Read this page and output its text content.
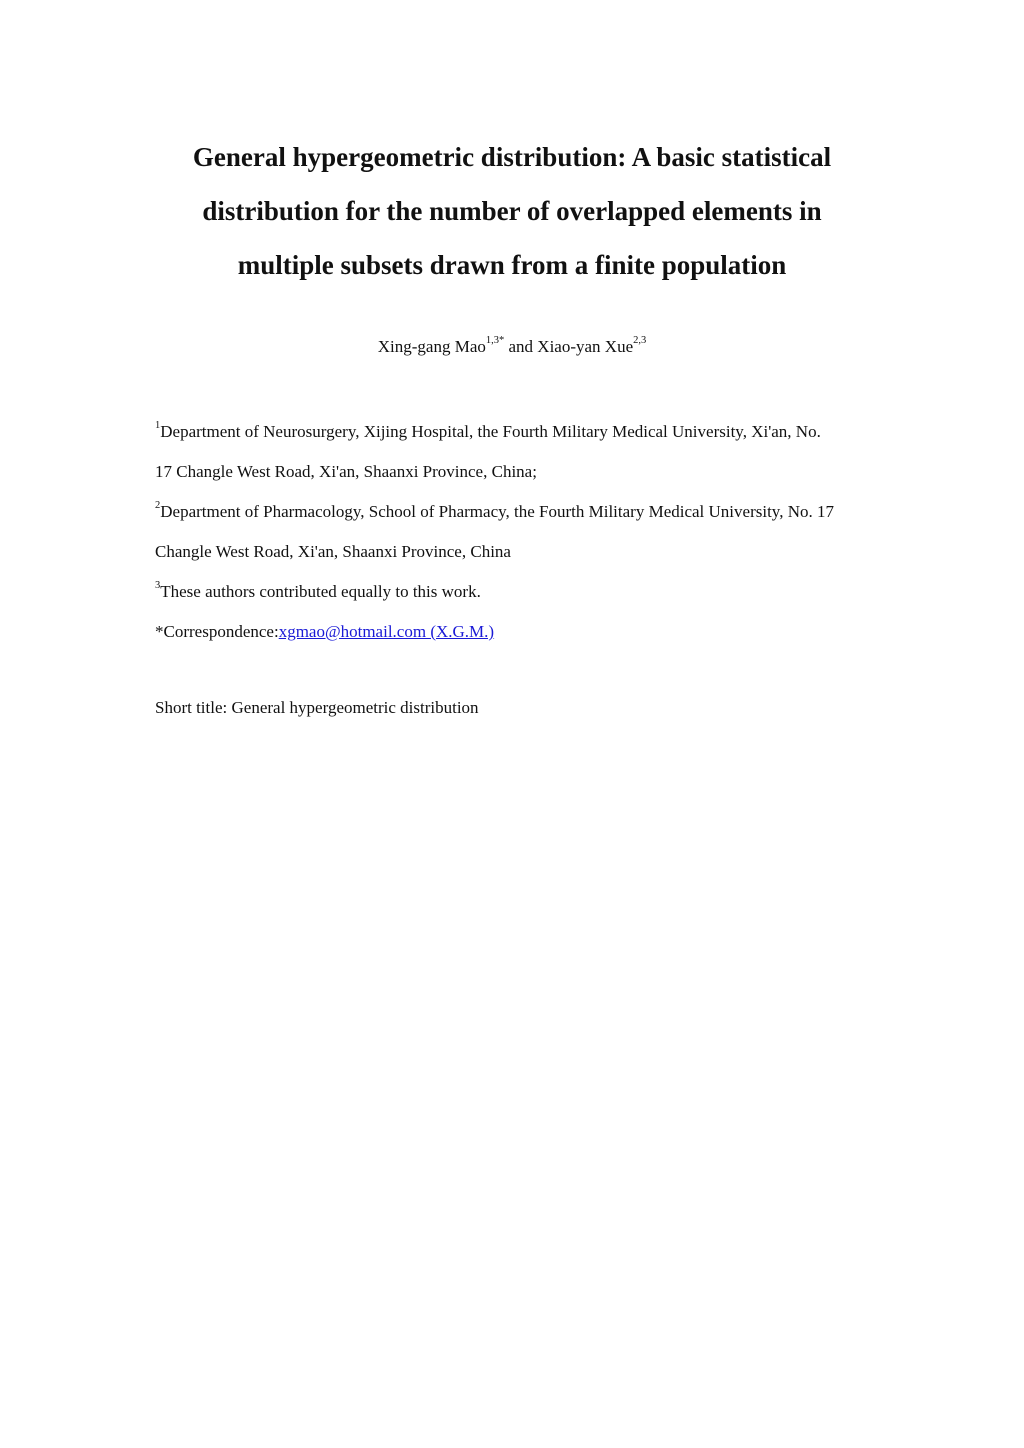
General hypergeometric distribution: A basic statistical
distribution for the number of overlapped elements in
multiple subsets drawn from a finite population
Xing-gang Mao$^{1,3*}$ and Xiao-yan Xue$^{2,3}$
$^1$Department of Neurosurgery, Xijing Hospital, the Fourth Military Medical University, Xi'an, No.
17 Changle West Road, Xi'an, Shaanxi Province, China;
$^2$Department of Pharmacology, School of Pharmacy, the Fourth Military Medical University, No. 17
Changle West Road, Xi'an, Shaanxi Province, China
$^3$These authors contributed equally to this work.
*Correspondence:xgmao@hotmail.com (X.G.M.)
Short title: General hypergeometric distribution
